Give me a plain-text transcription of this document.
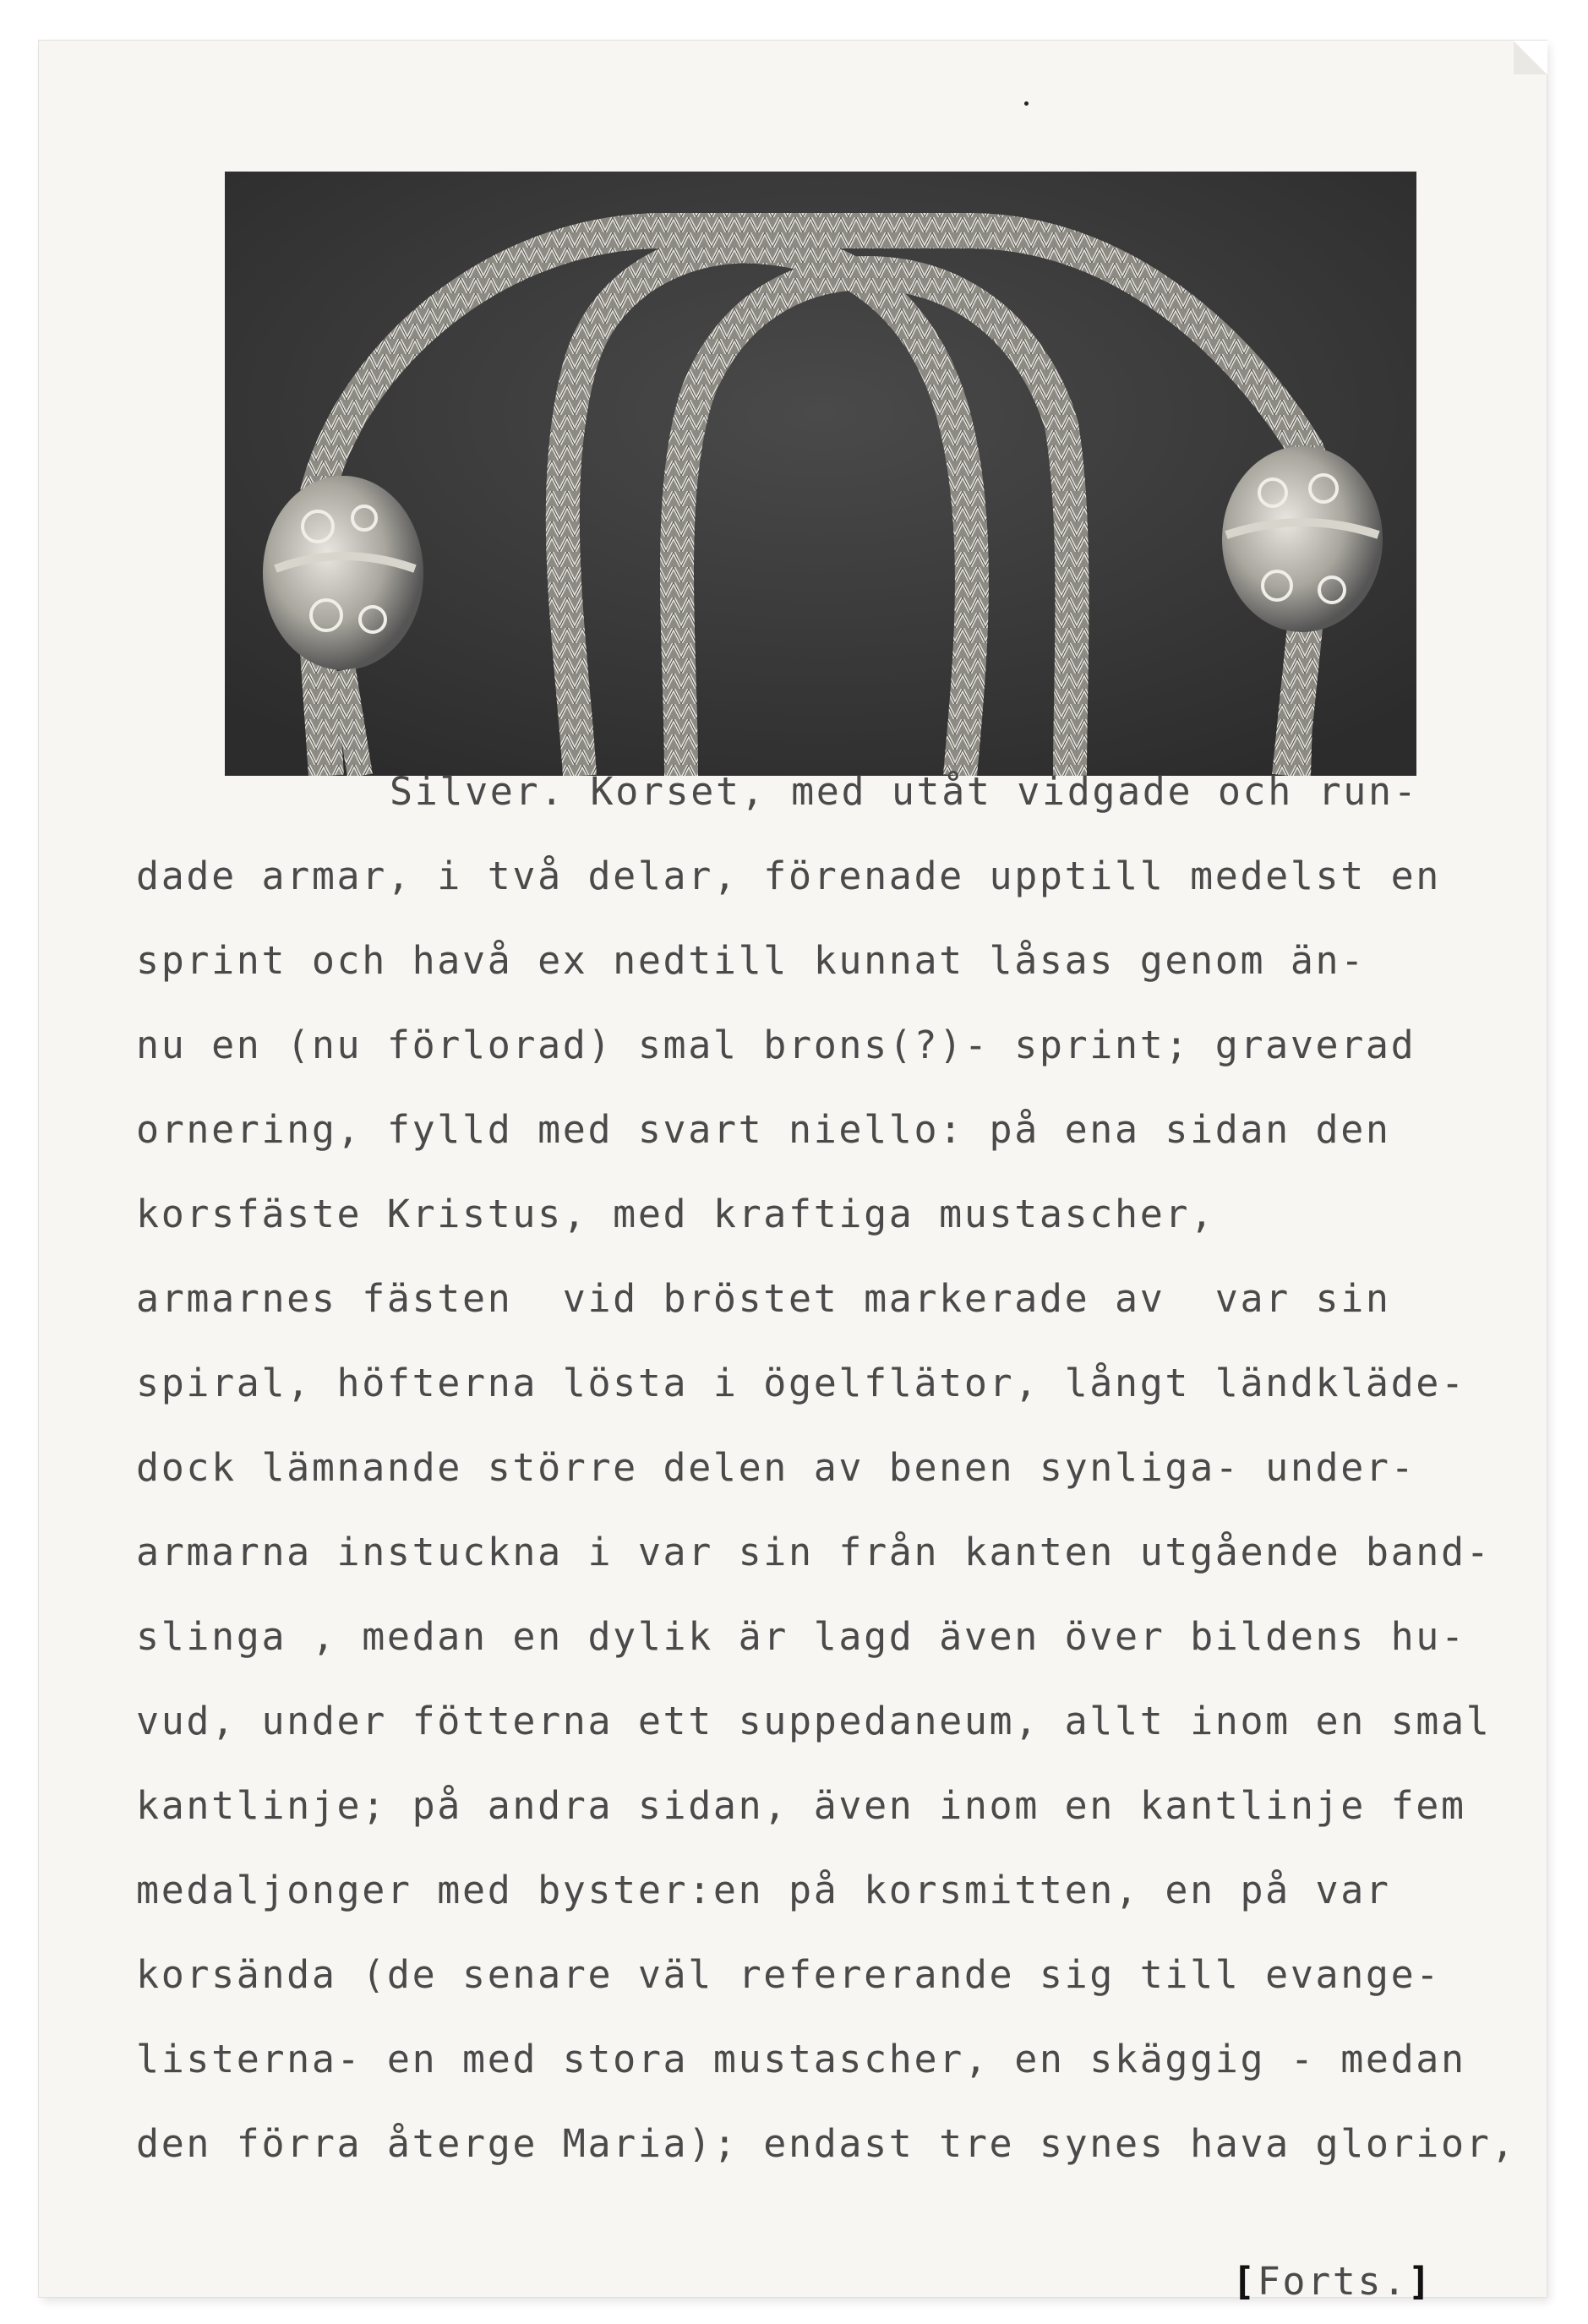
Silver. Korset, med utåt vidgade och run-
dade armar, i två delar, förenade upptill medelst en
sprint och havå ex nedtill kunnat låsas genom än-
nu en (nu förlorad) smal brons(?)- sprint; graverad
ornering, fylld med svart niello: på ena sidan den
korsfäste Kristus, med kraftiga mustascher,
armarnes fästen  vid bröstet markerade av  var sin
spiral, höfterna lösta i ögelflätor, långt ländkläde-
dock lämnande större delen av benen synliga- under-
armarna instuckna i var sin från kanten utgående band-
slinga , medan en dylik är lagd även över bildens hu-
vud, under fötterna ett suppedaneum, allt inom en smal
kantlinje; på andra sidan, även inom en kantlinje fem
medaljonger med byster:en på korsmitten, en på var
korsända (de senare väl refererande sig till evange-
listerna- en med stora mustascher, en skäggig - medan
den förra återge Maria); endast tre synes hava glorior,
[Forts.]
